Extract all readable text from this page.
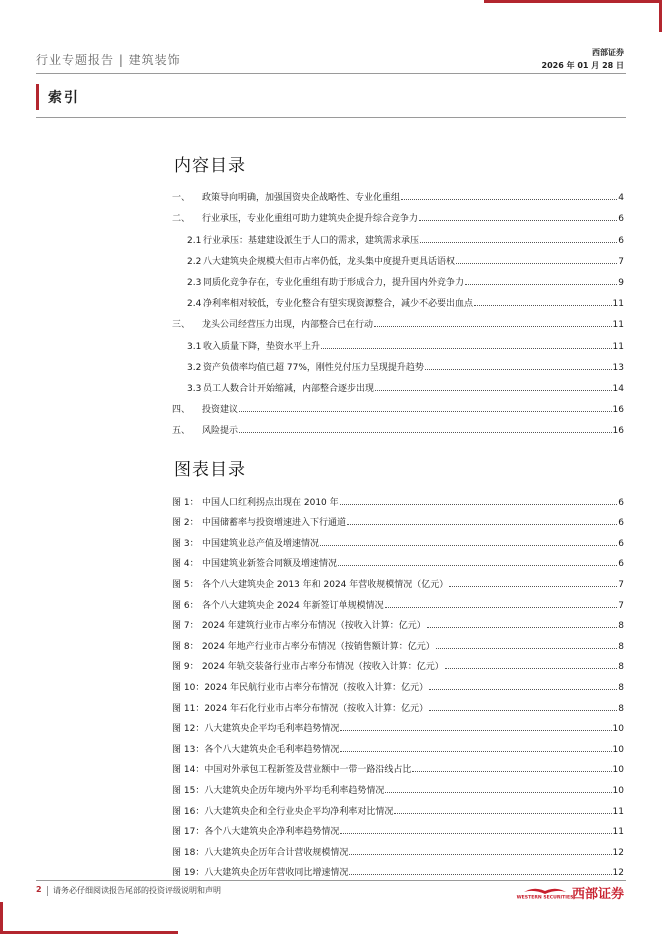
行业专题报告 | 建筑装饰
西部证券
2026 年 01 月 28 日
索引
内容目录
一、	政策导向明确，加强国资央企战略性、专业化重组	4
二、	行业承压，专业化重组可助力建筑央企提升综合竞争力	6
2.1 行业承压：基建建设派生于人口的需求，建筑需求承压	6
2.2 八大建筑央企规模大但市占率仍低，龙头集中度提升更具话语权	7
2.3 同质化竞争存在，专业化重组有助于形成合力，提升国内外竞争力	9
2.4 净利率相对较低，专业化整合有望实现资源整合，减少不必要出血点	11
三、	龙头公司经营压力出现，内部整合已在行动	11
3.1 收入质量下降，垫资水平上升	11
3.2 资产负债率均值已超 77%，刚性兑付压力呈现提升趋势	13
3.3 员工人数合计开始缩减，内部整合逐步出现	14
四、	投资建议	16
五、	风险提示	16
图表目录
图 1： 中国人口红利拐点出现在 2010 年	6
图 2： 中国储蓄率与投资增速进入下行通道	6
图 3： 中国建筑业总产值及增速情况	6
图 4： 中国建筑业新签合同额及增速情况	6
图 5： 各个八大建筑央企 2013 年和 2024 年营收规模情况（亿元）	7
图 6： 各个八大建筑央企 2024 年新签订单规模情况	7
图 7： 2024 年建筑行业市占率分布情况（按收入计算：亿元）	8
图 8： 2024 年地产行业市占率分布情况（按销售额计算：亿元）	8
图 9： 2024 年轨交装备行业市占率分布情况（按收入计算：亿元）	8
图 10： 2024 年民航行业市占率分布情况（按收入计算：亿元）	8
图 11： 2024 年石化行业市占率分布情况（按收入计算：亿元）	8
图 12： 八大建筑央企平均毛利率趋势情况	10
图 13： 各个八大建筑央企毛利率趋势情况	10
图 14： 中国对外承包工程新签及营业额中一带一路沿线占比	10
图 15： 八大建筑央企历年境内外平均毛利率趋势情况	10
图 16： 八大建筑央企和全行业央企平均净利率对比情况	11
图 17： 各个八大建筑央企净利率趋势情况	11
图 18： 八大建筑央企历年合计营收规模情况	12
图 19： 八大建筑央企历年营收同比增速情况	12
2 请务必仔细阅读报告尾部的投资评级说明和声明
WESTERN SECURITIES
西部证券
